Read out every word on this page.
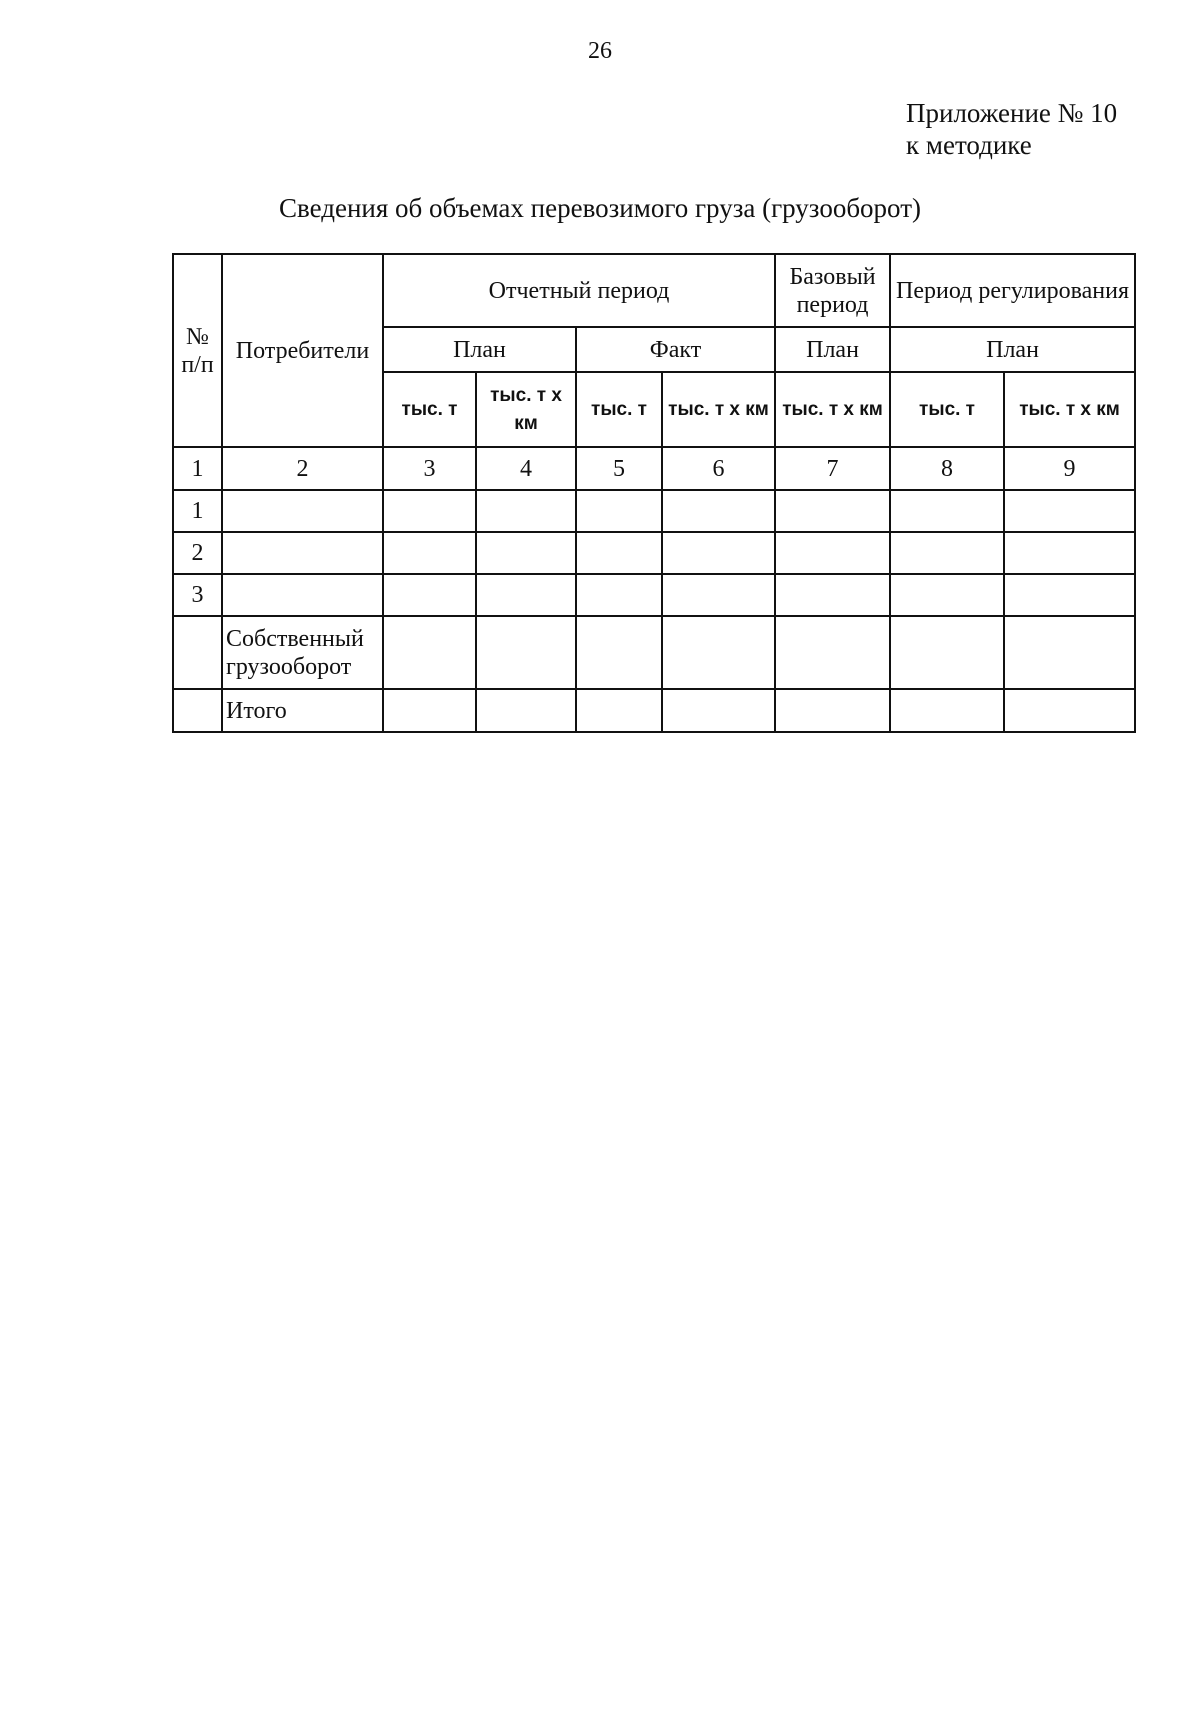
26
Приложение № 10
к методике
Сведения об объемах перевозимого груза (грузооборот)
№ п/п	Потребители	Отчетный период				Базовый период	Период регулирования	
		План		Факт		План	План	
		тыс. т	тыс. т х км	тыс. т	тыс. т х км	тыс. т х км	тыс. т	тыс. т х км
1	2	3	4	5	6	7	8	9
1								
2								
3								
	Собственный грузооборот							
	Итого							
